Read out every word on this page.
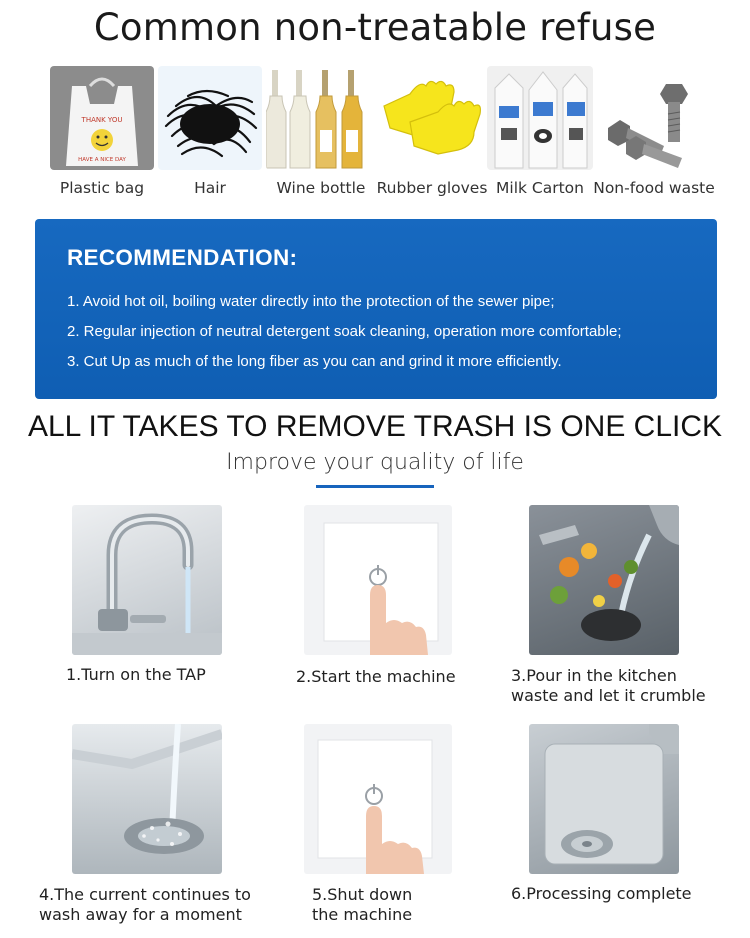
Common non-treatable refuse
THANK YOU
HAVE A NICE DAY
Plastic bag	Hair	Wine bottle Rubber gloves Milk Carton Non-food waste
RECOMMENDATION:
1. Avoid hot oil, boiling water directly into the protection of the sewer pipe;
2. Regular injection of neutral detergent soak cleaning, operation more comfortable;
3. Cut Up as much of the long fiber as you can and grind it more efficiently.
ALL IT TAKES TO REMOVE TRASH IS ONE CLICK
Improve your quality of life
1.Turn on the TAP	2.Start the machine	3.Pour in the kitchen
waste and let it crumble
4.The current continues to
wash away for a moment
5.Shut down
the machine
6.Processing complete
